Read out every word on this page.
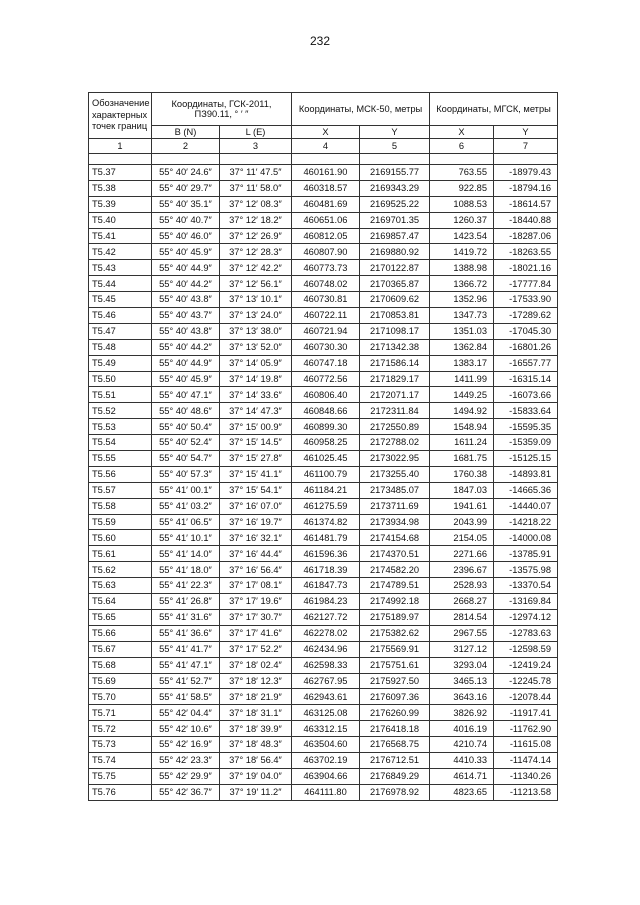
232
Обозначение характерных точек границ	Координаты, ГСК-2011, ПЗ90.11, ° ′ ″		Координаты, МСК-50, метры		Координаты, МГСК, метры	
	B (N)	L (E)	X	Y	X	Y
1	2	3	4	5	6	7

Т5.37	55° 40′ 24.6″	37° 11′ 47.5″	460161.90	2169155.77	763.55	-18979.43
Т5.38	55° 40′ 29.7″	37° 11′ 58.0″	460318.57	2169343.29	922.85	-18794.16
Т5.39	55° 40′ 35.1″	37° 12′ 08.3″	460481.69	2169525.22	1088.53	-18614.57
Т5.40	55° 40′ 40.7″	37° 12′ 18.2″	460651.06	2169701.35	1260.37	-18440.88
Т5.41	55° 40′ 46.0″	37° 12′ 26.9″	460812.05	2169857.47	1423.54	-18287.06
Т5.42	55° 40′ 45.9″	37° 12′ 28.3″	460807.90	2169880.92	1419.72	-18263.55
Т5.43	55° 40′ 44.9″	37° 12′ 42.2″	460773.73	2170122.87	1388.98	-18021.16
Т5.44	55° 40′ 44.2″	37° 12′ 56.1″	460748.02	2170365.87	1366.72	-17777.84
Т5.45	55° 40′ 43.8″	37° 13′ 10.1″	460730.81	2170609.62	1352.96	-17533.90
Т5.46	55° 40′ 43.7″	37° 13′ 24.0″	460722.11	2170853.81	1347.73	-17289.62
Т5.47	55° 40′ 43.8″	37° 13′ 38.0″	460721.94	2171098.17	1351.03	-17045.30
Т5.48	55° 40′ 44.2″	37° 13′ 52.0″	460730.30	2171342.38	1362.84	-16801.26
Т5.49	55° 40′ 44.9″	37° 14′ 05.9″	460747.18	2171586.14	1383.17	-16557.77
Т5.50	55° 40′ 45.9″	37° 14′ 19.8″	460772.56	2171829.17	1411.99	-16315.14
Т5.51	55° 40′ 47.1″	37° 14′ 33.6″	460806.40	2172071.17	1449.25	-16073.66
Т5.52	55° 40′ 48.6″	37° 14′ 47.3″	460848.66	2172311.84	1494.92	-15833.64
Т5.53	55° 40′ 50.4″	37° 15′ 00.9″	460899.30	2172550.89	1548.94	-15595.35
Т5.54	55° 40′ 52.4″	37° 15′ 14.5″	460958.25	2172788.02	1611.24	-15359.09
Т5.55	55° 40′ 54.7″	37° 15′ 27.8″	461025.45	2173022.95	1681.75	-15125.15
Т5.56	55° 40′ 57.3″	37° 15′ 41.1″	461100.79	2173255.40	1760.38	-14893.81
Т5.57	55° 41′ 00.1″	37° 15′ 54.1″	461184.21	2173485.07	1847.03	-14665.36
Т5.58	55° 41′ 03.2″	37° 16′ 07.0″	461275.59	2173711.69	1941.61	-14440.07
Т5.59	55° 41′ 06.5″	37° 16′ 19.7″	461374.82	2173934.98	2043.99	-14218.22
Т5.60	55° 41′ 10.1″	37° 16′ 32.1″	461481.79	2174154.68	2154.05	-14000.08
Т5.61	55° 41′ 14.0″	37° 16′ 44.4″	461596.36	2174370.51	2271.66	-13785.91
Т5.62	55° 41′ 18.0″	37° 16′ 56.4″	461718.39	2174582.20	2396.67	-13575.98
Т5.63	55° 41′ 22.3″	37° 17′ 08.1″	461847.73	2174789.51	2528.93	-13370.54
Т5.64	55° 41′ 26.8″	37° 17′ 19.6″	461984.23	2174992.18	2668.27	-13169.84
Т5.65	55° 41′ 31.6″	37° 17′ 30.7″	462127.72	2175189.97	2814.54	-12974.12
Т5.66	55° 41′ 36.6″	37° 17′ 41.6″	462278.02	2175382.62	2967.55	-12783.63
Т5.67	55° 41′ 41.7″	37° 17′ 52.2″	462434.96	2175569.91	3127.12	-12598.59
Т5.68	55° 41′ 47.1″	37° 18′ 02.4″	462598.33	2175751.61	3293.04	-12419.24
Т5.69	55° 41′ 52.7″	37° 18′ 12.3″	462767.95	2175927.50	3465.13	-12245.78
Т5.70	55° 41′ 58.5″	37° 18′ 21.9″	462943.61	2176097.36	3643.16	-12078.44
Т5.71	55° 42′ 04.4″	37° 18′ 31.1″	463125.08	2176260.99	3826.92	-11917.41
Т5.72	55° 42′ 10.6″	37° 18′ 39.9″	463312.15	2176418.18	4016.19	-11762.90
Т5.73	55° 42′ 16.9″	37° 18′ 48.3″	463504.60	2176568.75	4210.74	-11615.08
Т5.74	55° 42′ 23.3″	37° 18′ 56.4″	463702.19	2176712.51	4410.33	-11474.14
Т5.75	55° 42′ 29.9″	37° 19′ 04.0″	463904.66	2176849.29	4614.71	-11340.26
Т5.76	55° 42′ 36.7″	37° 19′ 11.2″	464111.80	2176978.92	4823.65	-11213.58
